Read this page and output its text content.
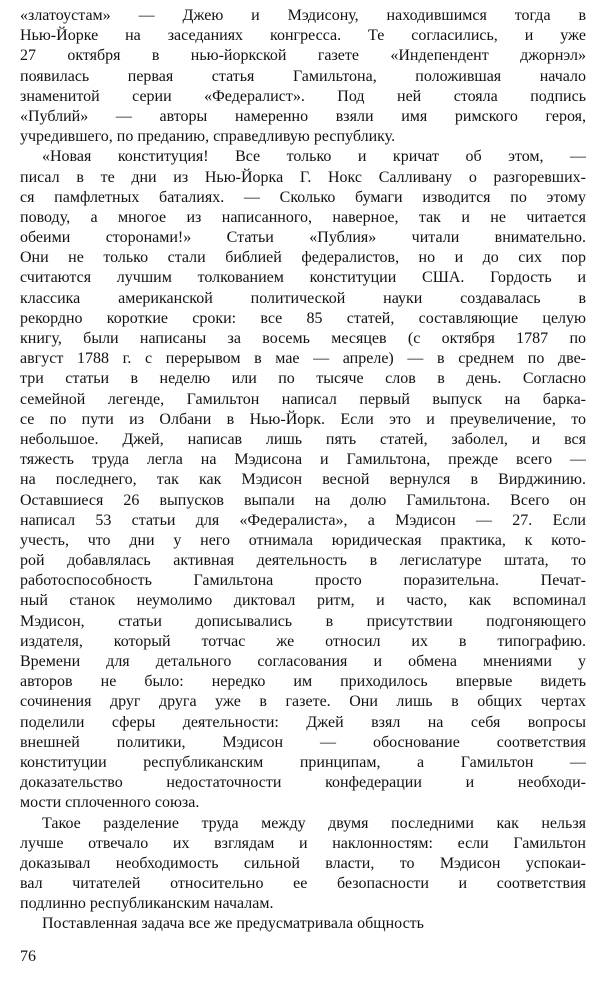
«златоустам» — Джею и Мэдисону, находившимся тогда в
Нью-Йорке на заседаниях конгресса. Те согласились, и уже
27 октября в нью-йоркской газете «Индепендент джорнэл»
появилась первая статья Гамильтона, положившая начало
знаменитой серии «Федералист». Под ней стояла подпись
«Публий» — авторы намеренно взяли имя римского героя,
учредившего, по преданию, справедливую республику.
«Новая конституция! Все только и кричат об этом, —
писал в те дни из Нью-Йорка Г. Нокс Салливану о разгоревших-
ся памфлетных баталиях. — Сколько бумаги изводится по этому
поводу, а многое из написанного, наверное, так и не читается
обеими сторонами!» Статьи «Публия» читали внимательно.
Они не только стали библией федералистов, но и до сих пор
считаются лучшим толкованием конституции США. Гордость и
классика американской политической науки создавалась в
рекордно короткие сроки: все 85 статей, составляющие целую
книгу, были написаны за восемь месяцев (с октября 1787 по
август 1788 г. с перерывом в мае — апреле) — в среднем по две-
три статьи в неделю или по тысяче слов в день. Согласно
семейной легенде, Гамильтон написал первый выпуск на барка-
се по пути из Олбани в Нью-Йорк. Если это и преувеличение, то
небольшое. Джей, написав лишь пять статей, заболел, и вся
тяжесть труда легла на Мэдисона и Гамильтона, прежде всего —
на последнего, так как Мэдисон весной вернулся в Вирджинию.
Оставшиеся 26 выпусков выпали на долю Гамильтона. Всего он
написал 53 статьи для «Федералиста», а Мэдисон — 27. Если
учесть, что дни у него отнимала юридическая практика, к кото-
рой добавлялась активная деятельность в легислатуре штата, то
работоспособность Гамильтона просто поразительна. Печат-
ный станок неумолимо диктовал ритм, и часто, как вспоминал
Мэдисон, статьи дописывались в присутствии подгоняющего
издателя, который тотчас же относил их в типографию.
Времени для детального согласования и обмена мнениями у
авторов не было: нередко им приходилось впервые видеть
сочинения друг друга уже в газете. Они лишь в общих чертах
поделили сферы деятельности: Джей взял на себя вопросы
внешней политики, Мэдисон — обоснование соответствия
конституции республиканским принципам, а Гамильтон —
доказательство недостаточности конфедерации и необходи-
мости сплоченного союза.
Такое разделение труда между двумя последними как нельзя
лучше отвечало их взглядам и наклонностям: если Гамильтон
доказывал необходимость сильной власти, то Мэдисон успокаи-
вал читателей относительно ее безопасности и соответствия
подлинно республиканским началам.
Поставленная задача все же предусматривала общность
76
